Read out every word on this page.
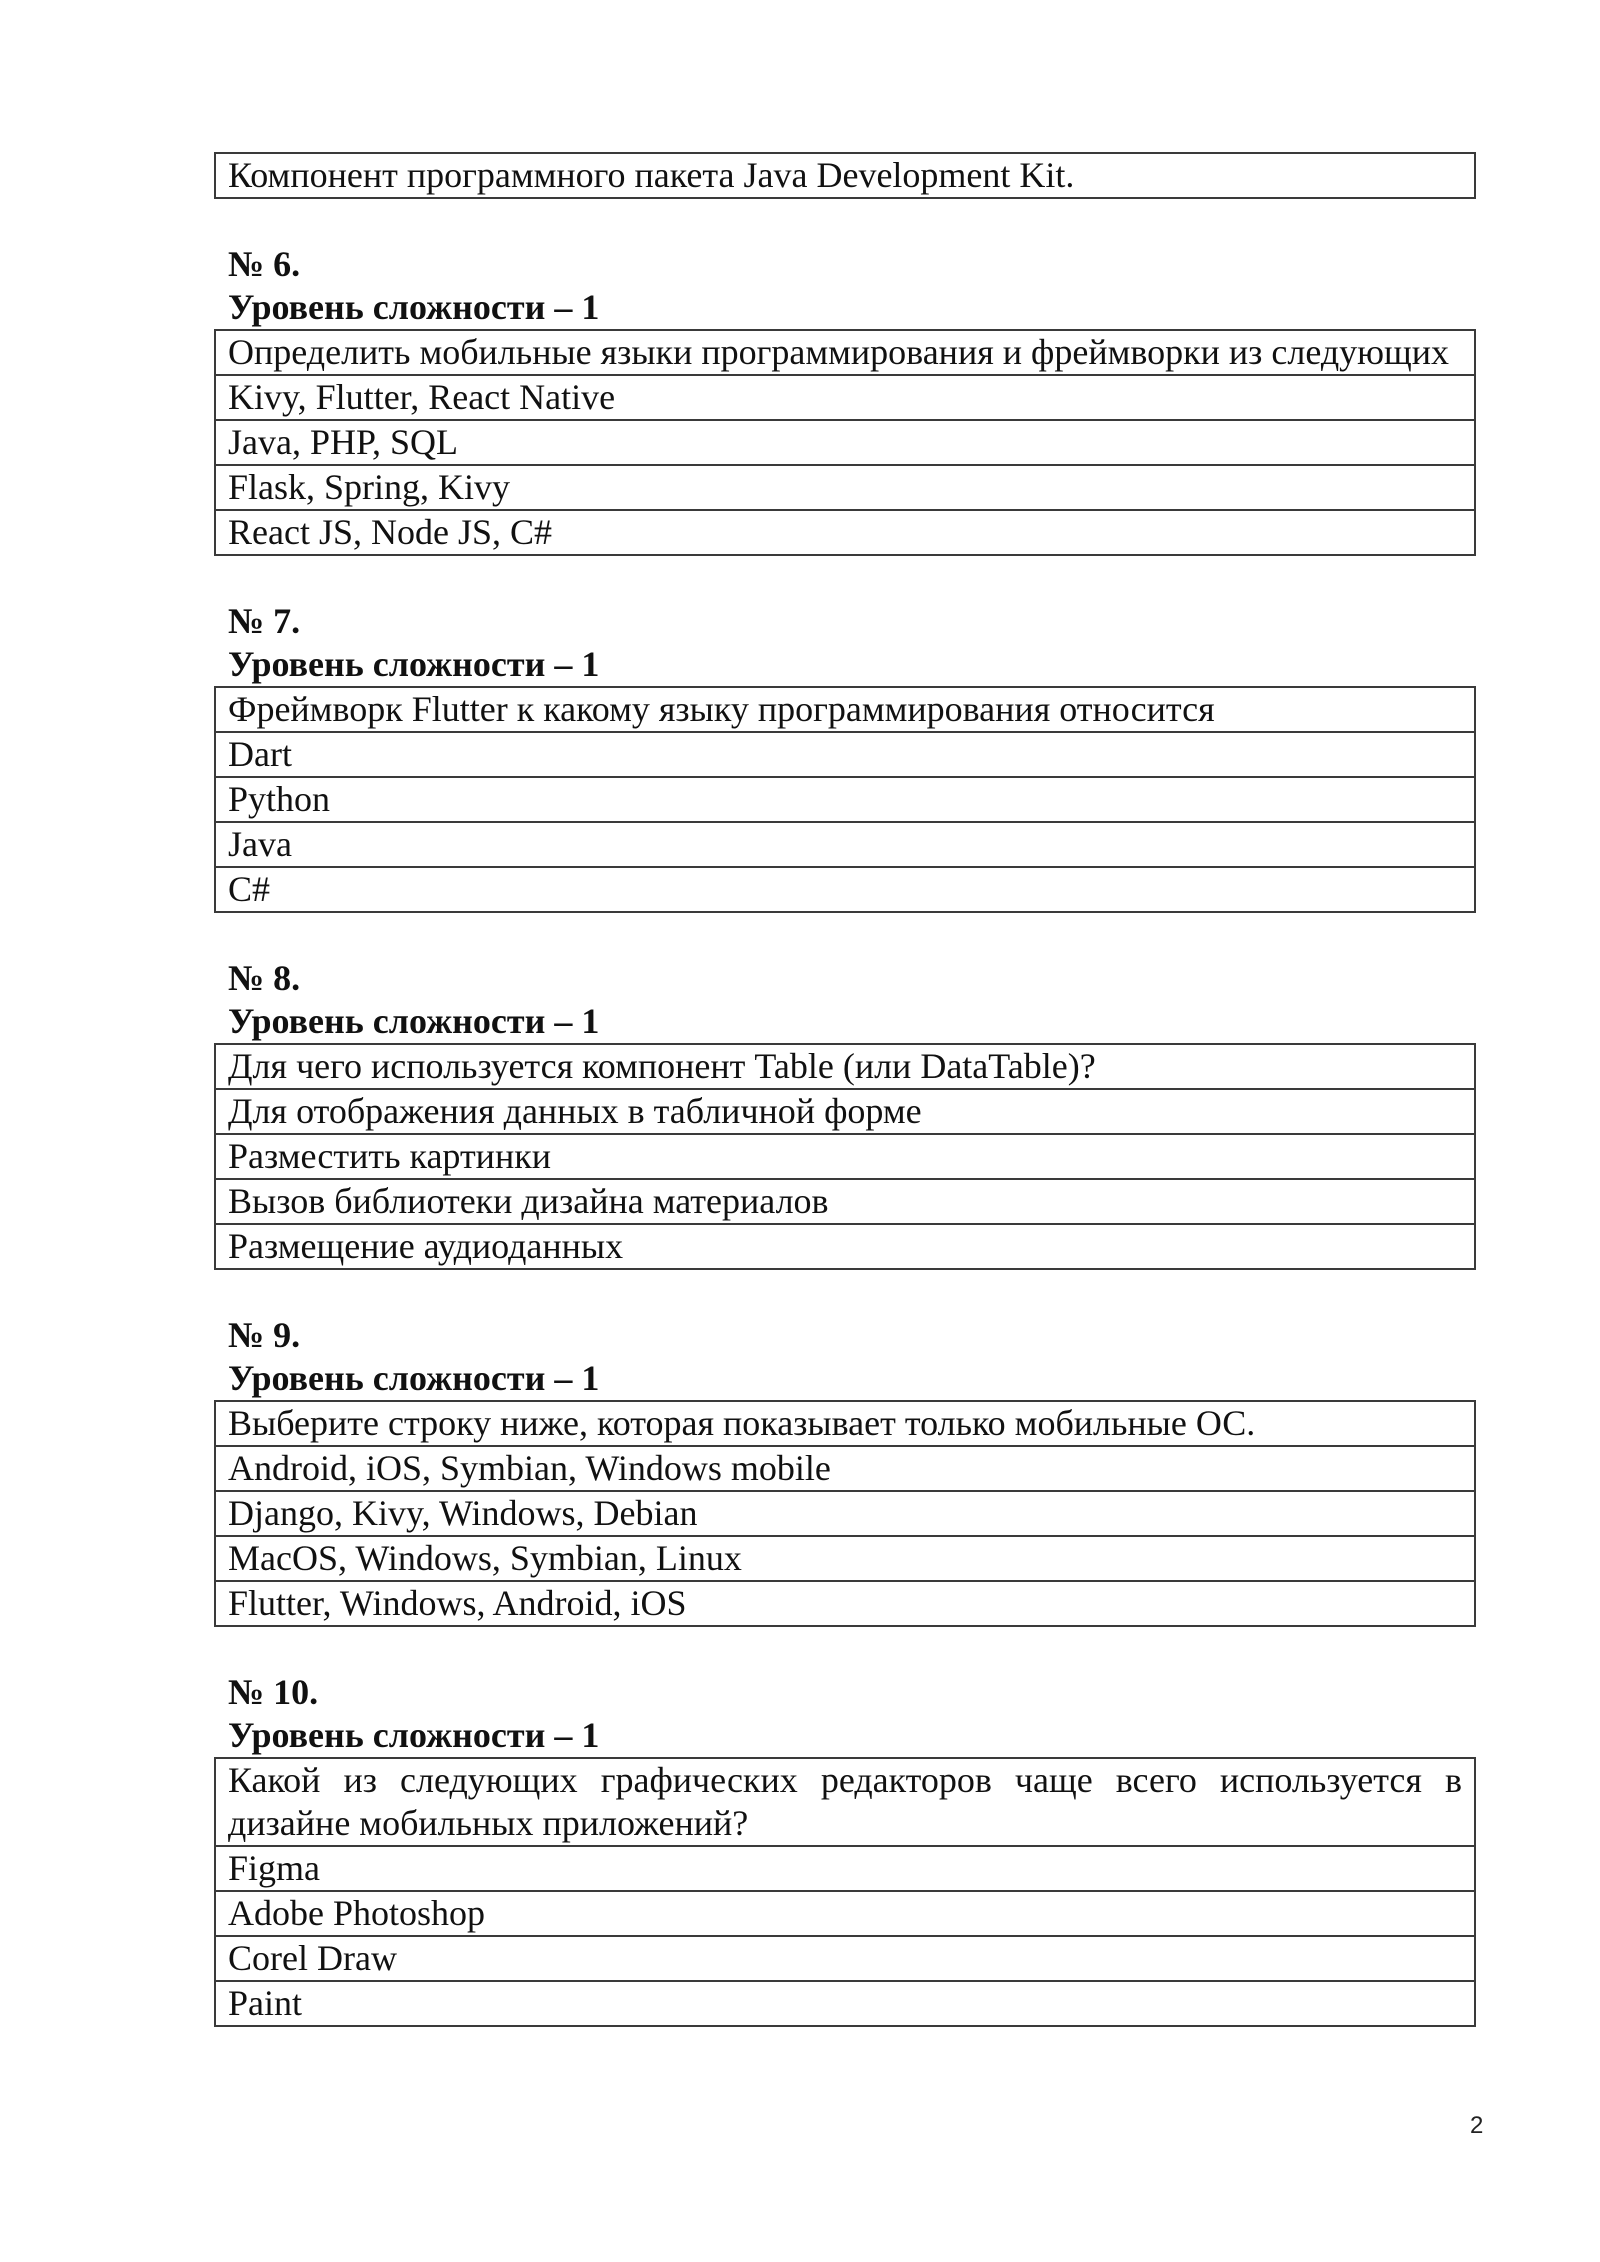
Компонент программного пакета Java Development Kit.
№ 6.
Уровень сложности – 1
Определить мобильные языки программирования и фреймворки из следующих
Kivy, Flutter, React Native
Java, PHP, SQL
Flask, Spring, Kivy
React JS, Node JS, C#
№ 7.
Уровень сложности – 1
Фреймворк Flutter к какому языку программирования относится
Dart
Python
Java
C#
№ 8.
Уровень сложности – 1
Для чего используется компонент Table (или DataTable)?
Для отображения данных в табличной форме
Разместить картинки
Вызов библиотеки дизайна материалов
Размещение аудиоданных
№ 9.
Уровень сложности – 1
Выберите строку ниже, которая показывает только мобильные ОС.
Android, iOS, Symbian, Windows mobile
Django, Kivy, Windows, Debian
MacOS, Windows, Symbian, Linux
Flutter, Windows, Android, iOS
№ 10.
Уровень сложности – 1
Какой из следующих графических редакторов чаще всего используется в дизайне мобильных приложений?
Figma
Adobe Photoshop
Corel Draw
Paint
2
